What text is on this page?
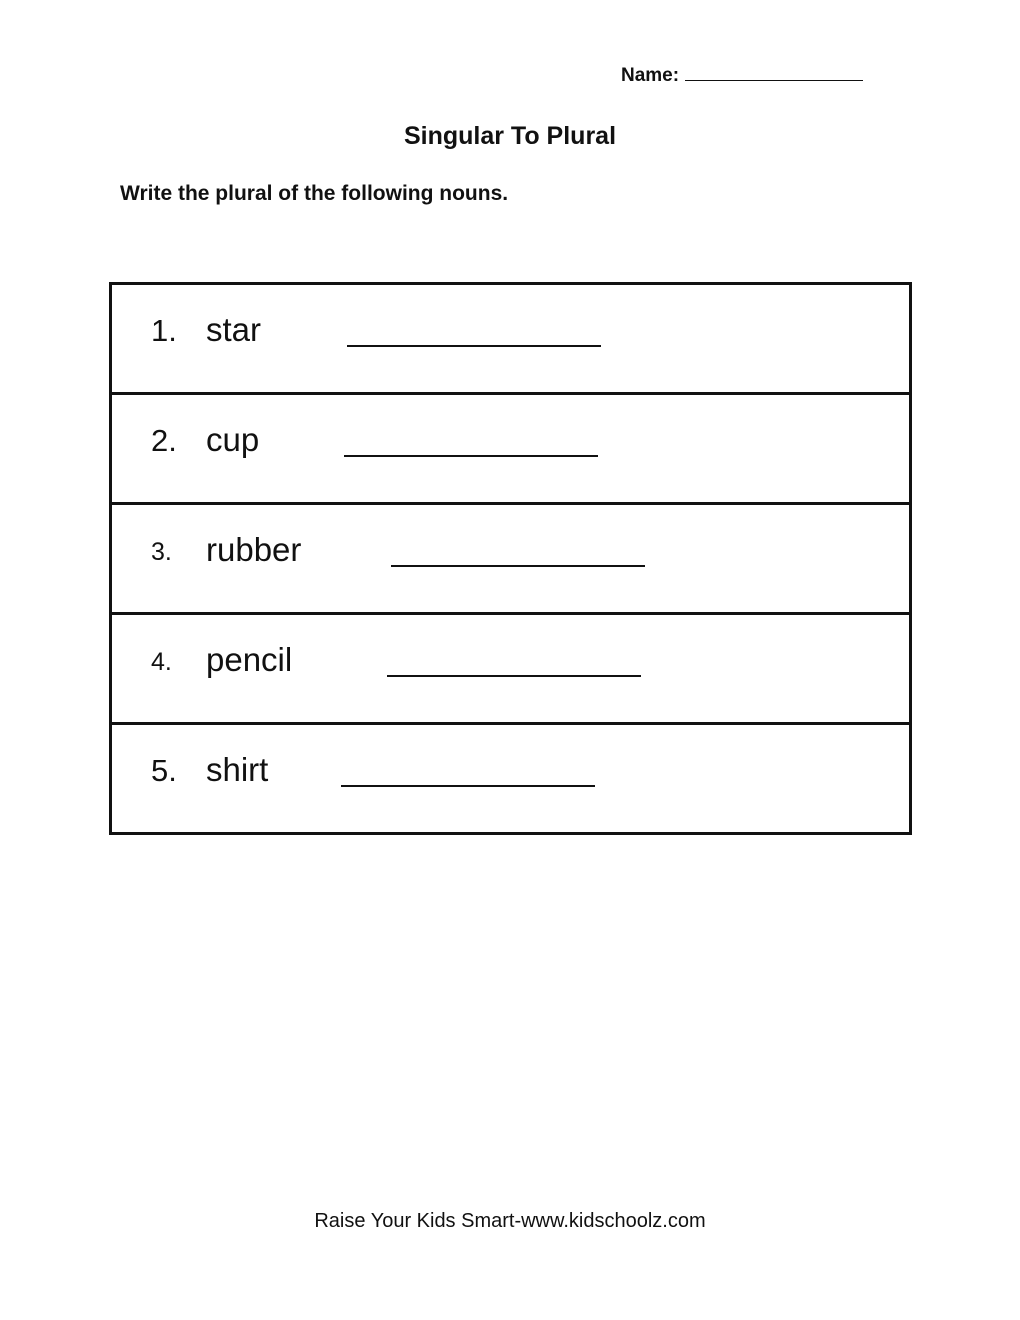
Name:
Singular To Plural
Write the plural of the following nouns.
1. star
2. cup
3. rubber
4. pencil
5. shirt
Raise Your Kids Smart-www.kidschoolz.com
